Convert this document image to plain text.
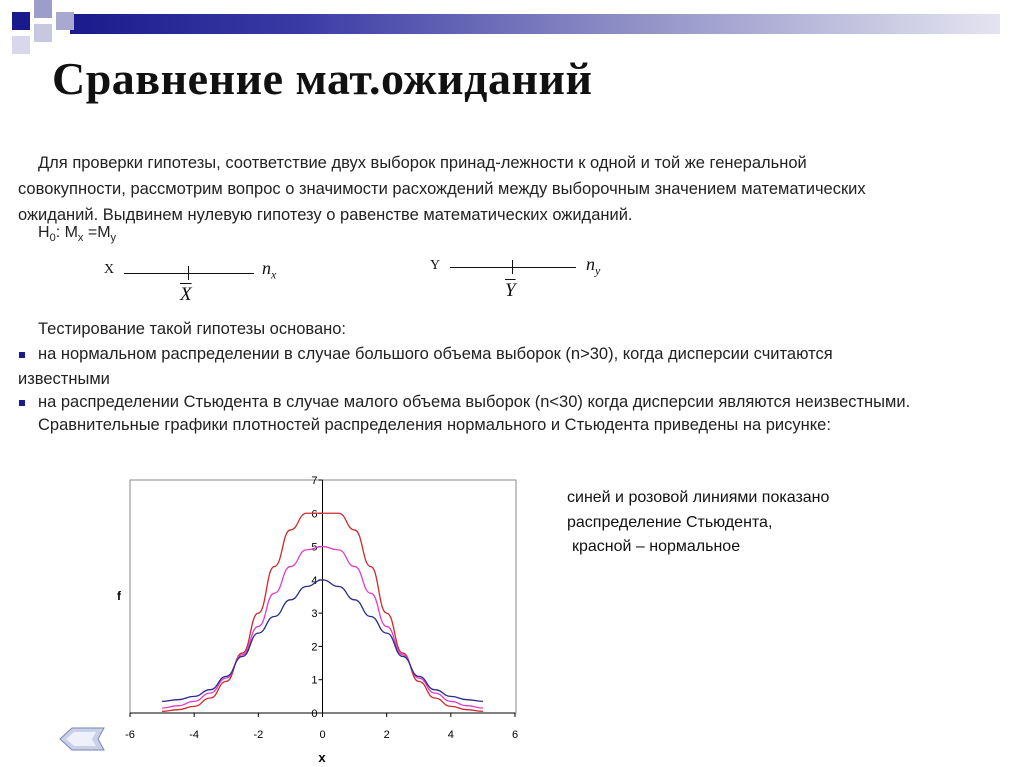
Сравнение мат.ожиданий
Для проверки гипотезы, соответствие двух выборок принад-лежности к одной и той же генеральной
совокупности, рассмотрим вопрос о значимости расхождений между выборочным значением математических
ожиданий. Выдвинем нулевую гипотезу о равенстве математических ожиданий.
$H_0$: $M_x =M_y$
X
$\overline{X}$
$n_x$
Y
$\overline{Y}$
$n_y$
Тестирование такой гипотезы основано:
на нормальном распределении в случае большого объема выборок (n>30), когда дисперсии считаются
известными
на распределении Стьюдента в случае малого объема выборок (n<30) когда дисперсии являются неизвестными.
Сравнительные графики плотностей распределения нормального и Стьюдента приведены на рисунке:
-6	-4	-2	0	2	4	6
0
1
2
3
4
5
6
7
x
f
синей и розовой линиями показано
распределение Стьюдента,
красной – нормальное
